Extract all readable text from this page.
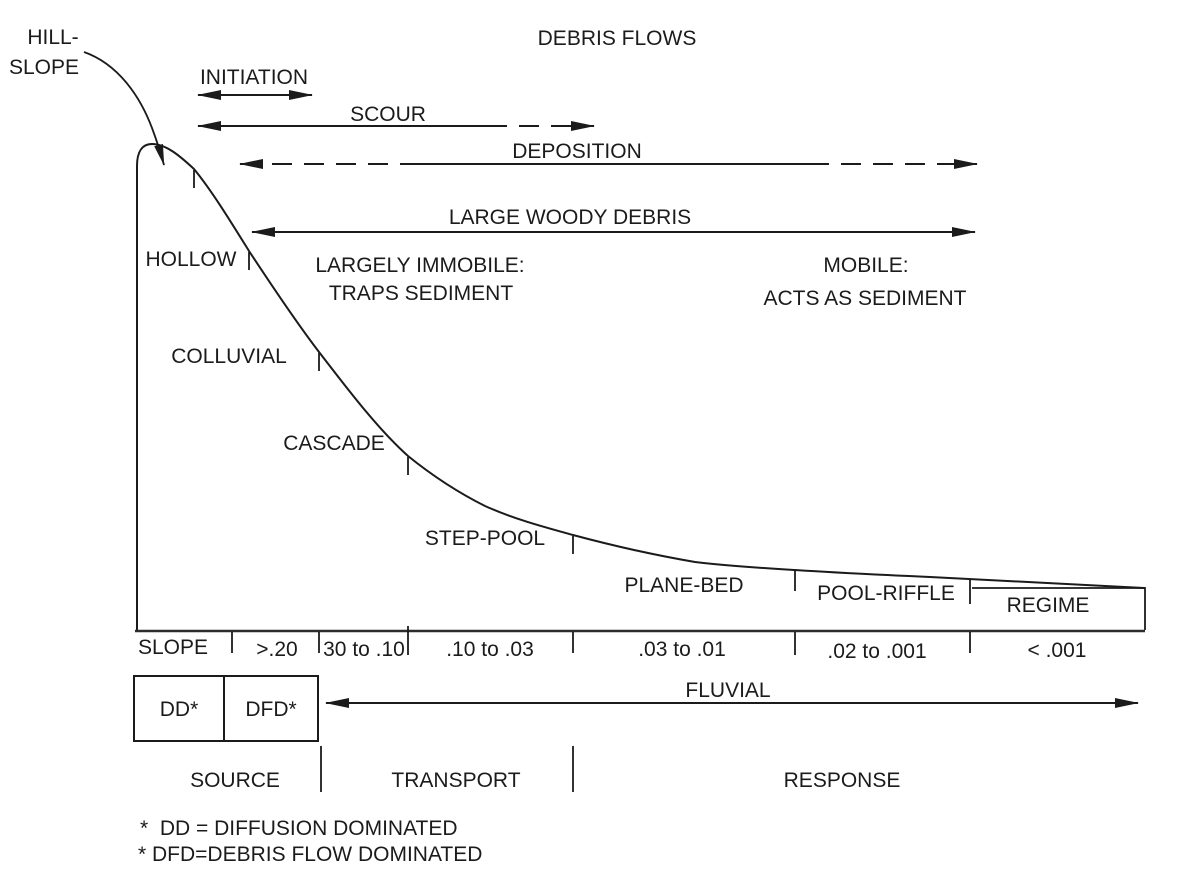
DEBRIS FLOWS
HILL-
SLOPE	INITIATION
SCOUR
DEPOSITION
LARGE WOODY DEBRIS
LARGELY IMMOBILE:
TRAPS SEDIMENT
MOBILE:
ACTS AS SEDIMENT
HOLLOW
COLLUVIAL
CASCADE
STEP-POOL
PLANE-BED	POOL-RIFFLE
REGIME
SLOPE >.20 30 to .10 .10 to .03	.03 to .01	.02 to .001	< .001
DD* DFD*
FLUVIAL
SOURCE	TRANSPORT	RESPONSE
*  DD = DIFFUSION DOMINATED
* DFD=DEBRIS FLOW DOMINATED
